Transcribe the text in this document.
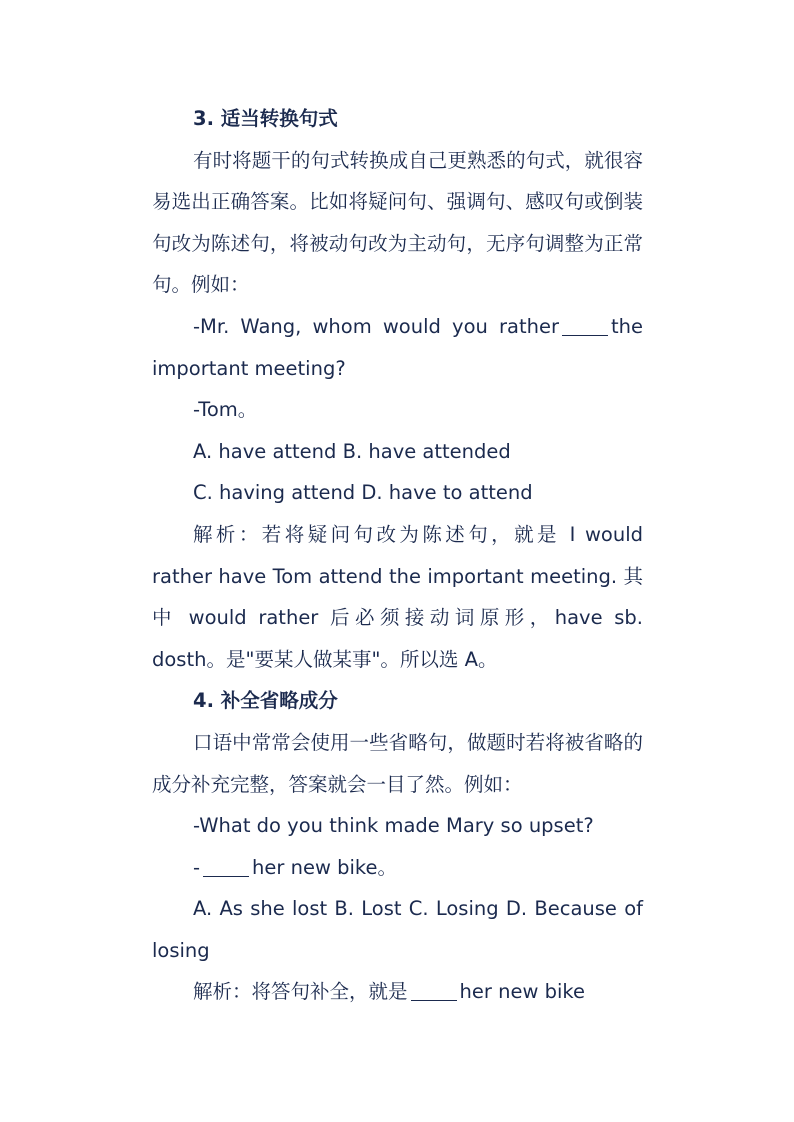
3. 适当转换句式

有时将题干的句式转换成自己更熟悉的句式，就很容易选出正确答案。比如将疑问句、强调句、感叹句或倒装句改为陈述句，将被动句改为主动句，无序句调整为正常句。例如：

-Mr. Wang, whom would you rather	the important meeting?

-Tom。

A. have attend B. have attended

C. having attend D. have to attend

解析：若将疑问句改为陈述句，就是 I would rather have Tom attend the important meeting. 其中 would rather 后必须接动词原形，have sb. dosth。是"要某人做某事"。所以选 A。

4. 补全省略成分

口语中常常会使用一些省略句，做题时若将被省略的成分补充完整，答案就会一目了然。例如：

-What do you think made Mary so upset?

-	her new bike。

A. As she lost B. Lost C. Losing D. Because of losing

解析：将答句补全，就是	her new bike
